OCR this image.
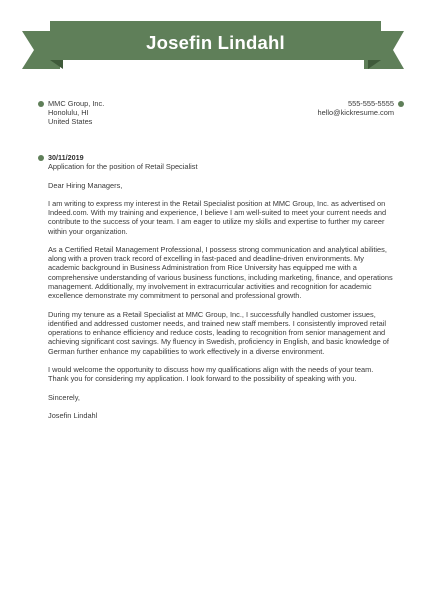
Josefin Lindahl
MMC Group, Inc.
Honolulu, HI
United States
555-555-5555
hello@kickresume.com
30/11/2019

Application for the position of Retail Specialist

Dear Hiring Managers,

I am writing to express my interest in the Retail Specialist position at MMC Group, Inc. as advertised on Indeed.com. With my training and experience, I believe I am well-suited to meet your current needs and contribute to the success of your team. I am eager to utilize my skills and expertise to further my career within your organization.

As a Certified Retail Management Professional, I possess strong communication and analytical abilities, along with a proven track record of excelling in fast-paced and deadline-driven environments. My academic background in Business Administration from Rice University has equipped me with a comprehensive understanding of various business functions, including marketing, finance, and operations management. Additionally, my involvement in extracurricular activities and recognition for academic excellence demonstrate my commitment to personal and professional growth.

During my tenure as a Retail Specialist at MMC Group, Inc., I successfully handled customer issues, identified and addressed customer needs, and trained new staff members. I consistently improved retail operations to enhance efficiency and reduce costs, leading to recognition from senior management and achieving significant cost savings. My fluency in Swedish, proficiency in English, and basic knowledge of German further enhance my capabilities to work effectively in a diverse environment.

I would welcome the opportunity to discuss how my qualifications align with the needs of your team. Thank you for considering my application. I look forward to the possibility of speaking with you.

Sincerely,

Josefin Lindahl
